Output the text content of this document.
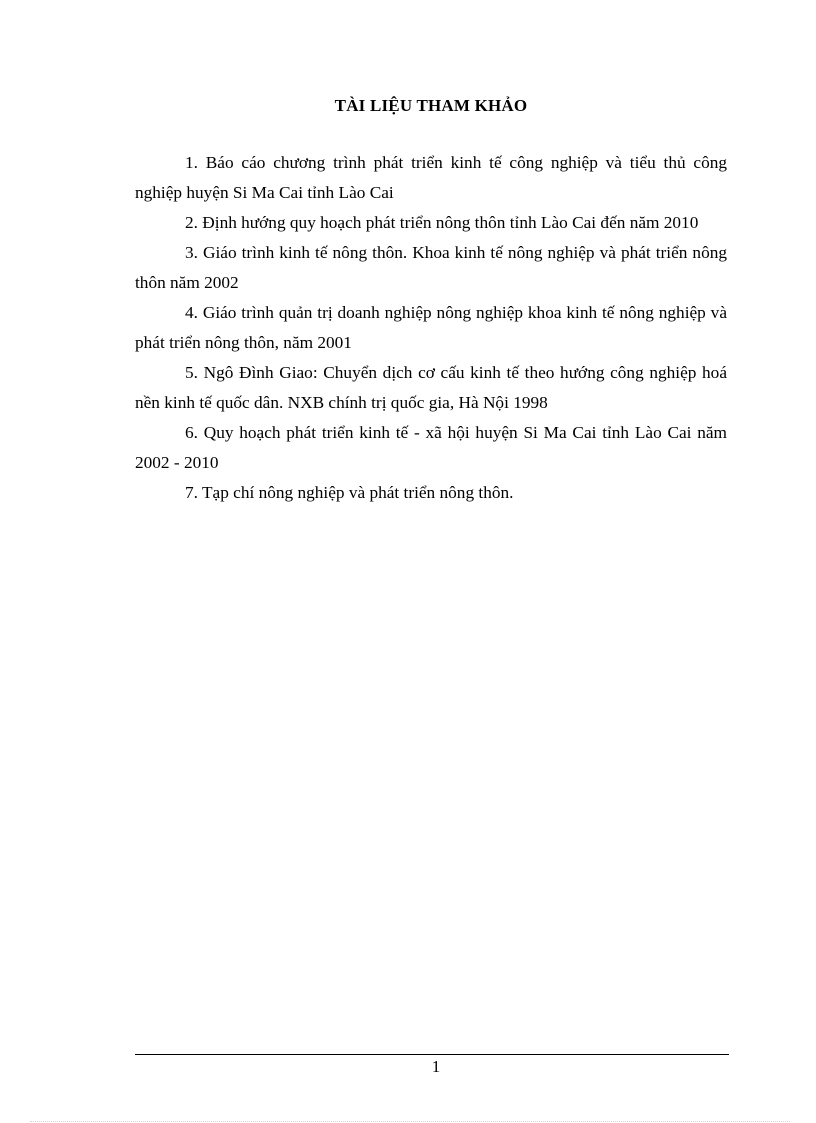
TÀI LIỆU THAM KHẢO

1. Báo cáo chương trình phát triển kinh tế công nghiệp và tiểu thủ công nghiệp huyện Si Ma Cai tỉnh Lào Cai

2. Định hướng quy hoạch phát triển nông thôn tỉnh Lào Cai đến năm 2010

3. Giáo trình kinh tế nông thôn. Khoa kinh tế nông nghiệp và phát triển nông thôn năm 2002

4. Giáo trình quản trị doanh nghiệp nông nghiệp khoa kinh tế nông nghiệp và phát triển nông thôn, năm 2001

5. Ngô Đình Giao: Chuyển dịch cơ cấu kinh tế theo hướng công nghiệp hoá nền kinh tế quốc dân. NXB chính trị quốc gia, Hà Nội 1998

6. Quy hoạch phát triển kinh tế - xã hội huyện Si Ma Cai tỉnh Lào Cai năm 2002 - 2010

7. Tạp chí nông nghiệp và phát triển nông thôn.

1
